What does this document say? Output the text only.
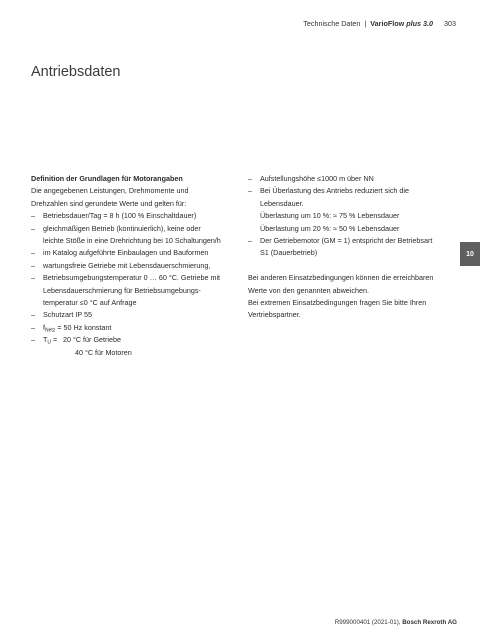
Technische Daten | VarioFlow plus 3.0 303
Antriebsdaten
Definition der Grundlagen für Motorangaben
Die angegebenen Leistungen, Drehmomente und
Drehzahlen sind gerundete Werte und gelten für:
– Betriebsdauer/Tag = 8 h (100 % Einschaltdauer)
– gleichmäßigen Betrieb (kontinuierlich), keine oder
leichte Stöße in eine Drehrichtung bei 10 Schaltungen/h
– im Katalog aufgeführte Einbaulagen und Bauformen
– wartungsfreie Getriebe mit Lebensdauerschmierung,
– Betriebsumgebungstemperatur 0 … 60 °C. Getriebe mit
Lebensdauerschmierung für Betriebsumgebungs-
temperatur ≤0 °C auf Anfrage
– Schutzart IP 55
– $f_{Netz} = 50$ Hz konstant
– $T_U = 20$ °C für Getriebe
40 °C für Motoren
– Aufstellungshöhe ≤1000 m über NN
– Bei Überlastung des Antriebs reduziert sich die
Lebensdauer.
Überlastung um 10 %: ≈ 75 % Lebensdauer
Überlastung um 20 %: ≈ 50 % Lebensdauer
– Der Getriebemotor (GM = 1) entspricht der Betriebsart
S1 (Dauerbetrieb)
Bei anderen Einsatzbedingungen können die erreichbaren
Werte von den genannten abweichen.
Bei extremen Einsatzbedingungen fragen Sie bitte Ihren
Vertriebspartner.
10
R999000401 (2021-01), Bosch Rexroth AG
